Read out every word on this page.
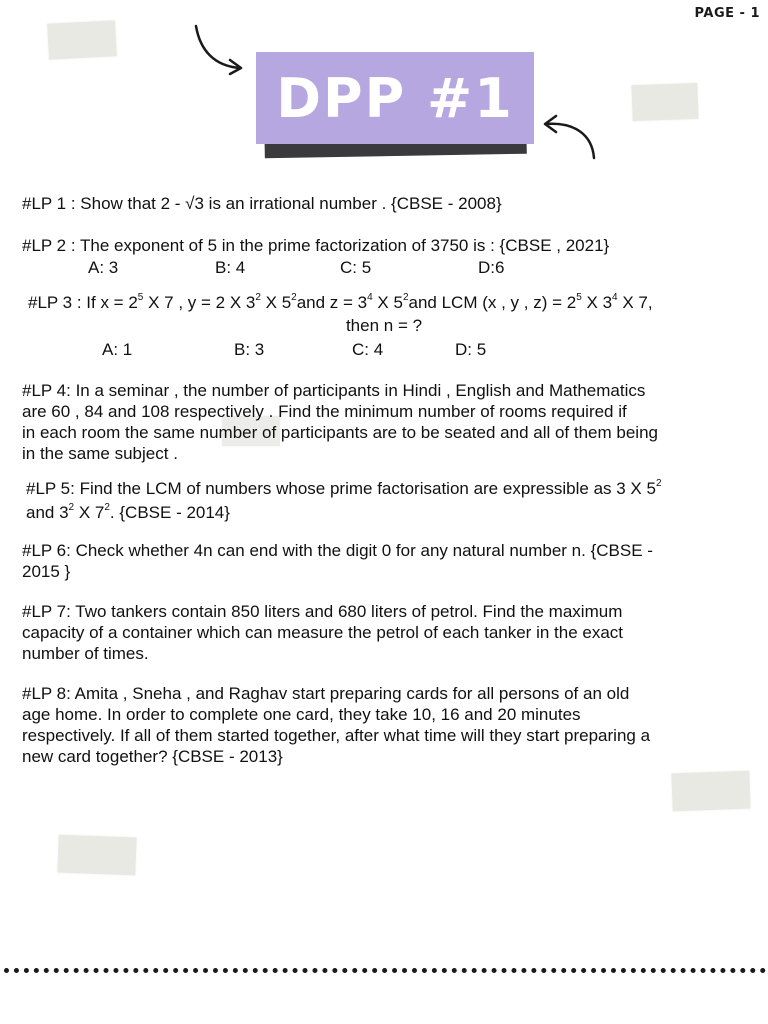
PAGE - 1
DPP #1
#LP 1 : Show that 2 - √3 is an irrational number . {CBSE - 2008}
#LP 2 : The exponent of 5 in the prime factorization of 3750 is : {CBSE , 2021}
A: 3	B: 4	C: 5	D:6
#LP 3 : If $x = 2^5$ X 7 , y = 2 X $3^2$ X $5^2and$ $z = 3^4$ X $5^2and$ LCM (x , y , $z) = 2^5$ X $3^4$ X 7,
then n = ?
A: 1	B: 3	C: 4	D: 5
#LP 4: In a seminar , the number of participants in Hindi , English and Mathematics
are 60 , 84 and 108 respectively . Find the minimum number of rooms required if
in each room the same number of participants are to be seated and all of them being
in the same subject .
#LP 5: Find the LCM of numbers whose prime factorisation are expressible as 3 X $5^2$
and $3^2$ X $7^2$. {CBSE - 2014}
#LP 6: Check whether 4n can end with the digit 0 for any natural number n. {CBSE -
2015 }
#LP 7: Two tankers contain 850 liters and 680 liters of petrol. Find the maximum
capacity of a container which can measure the petrol of each tanker in the exact
number of times.
#LP 8: Amita , Sneha , and Raghav start preparing cards for all persons of an old
age home. In order to complete one card, they take 10, 16 and 20 minutes
respectively. If all of them started together, after what time will they start preparing a
new card together? {CBSE - 2013}
